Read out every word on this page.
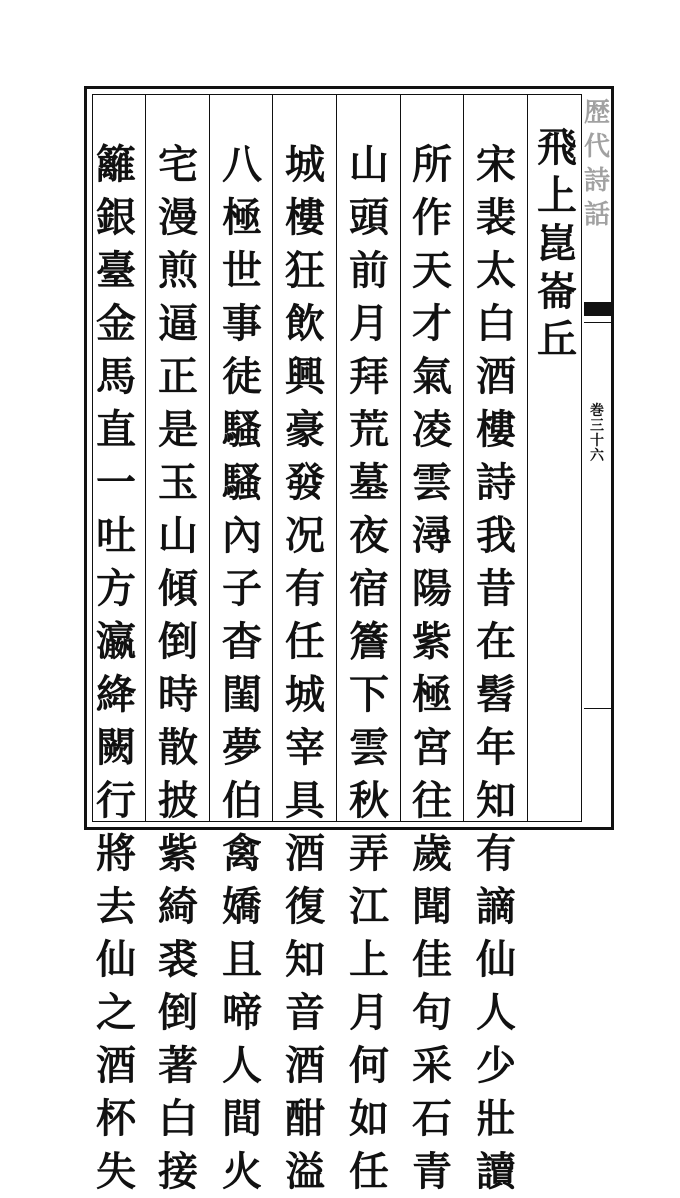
歴
代
詩
話
巻
三
十
六
飛
上
崑
崙
丘
宋
裴
太
白
酒
樓
詩
我
昔
在
髫
年
知
有
謫
仙
人
少
壯
讀
所
作
天
才
氣
凌
雲
潯
陽
紫
極
宮
往
歲
聞
佳
句
采
石
青
山
頭
前
月
拜
荒
墓
夜
宿
簷
下
雲
秋
弄
江
上
月
何
如
任
城
樓
狂
飲
興
豪
發
况
有
任
城
宰
具
酒
復
知
音
酒
酣
溢
八
極
世
事
徒
騷
騷
內
子
杳
閨
夢
伯
禽
嬌
且
啼
人
間
火
宅
漫
煎
逼
正
是
玉
山
傾
倒
時
散
披
紫
綺
裘
倒
著
白
接
籬
銀
臺
金
馬
直
一
吐
方
瀛
絳
闕
行
將
去
仙
之
酒
杯
失
